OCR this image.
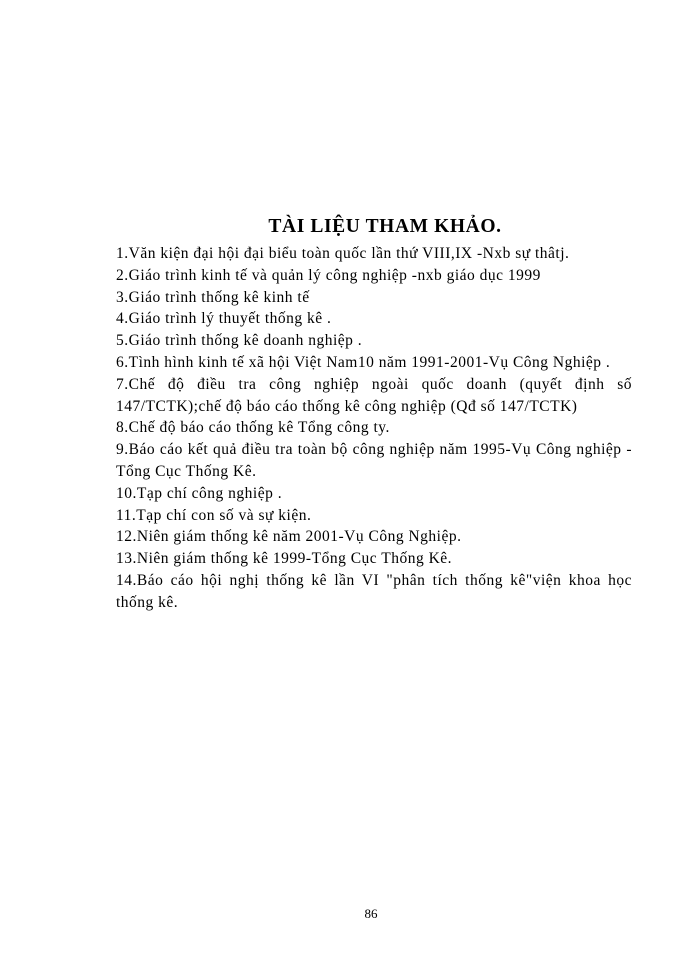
TÀI LIỆU THAM KHẢO.
1.Văn kiện đại hội đại biểu toàn quốc lần thứ VIII,IX -Nxb sự thâtj.
2.Giáo trình kinh tế và quản lý công nghiệp -nxb giáo dục 1999
3.Giáo trình thống kê kinh tế
4.Giáo trình lý thuyết thống kê .
5.Giáo trình thống kê doanh nghiệp .
6.Tình hình kinh tế xã hội Việt Nam10 năm 1991-2001-Vụ Công Nghiệp .
7.Chế độ điều tra công nghiệp ngoài quốc doanh (quyết định số 147/TCTK);chế độ báo cáo thống kê công nghiệp (Qđ số 147/TCTK)
8.Chế độ báo cáo thống kê Tổng công ty.
9.Báo cáo kết quả điều tra toàn bộ công nghiệp năm 1995-Vụ Công nghiệp -Tổng Cục Thống Kê.
10.Tạp chí công nghiệp .
11.Tạp chí con số và sự kiện.
12.Niên giám thống kê năm 2001-Vụ Công Nghiệp.
13.Niên giám thống kê 1999-Tổng Cục Thống Kê.
14.Báo cáo hội nghị thống kê lần VI "phân tích thống kê"viện khoa học thống kê.
86
